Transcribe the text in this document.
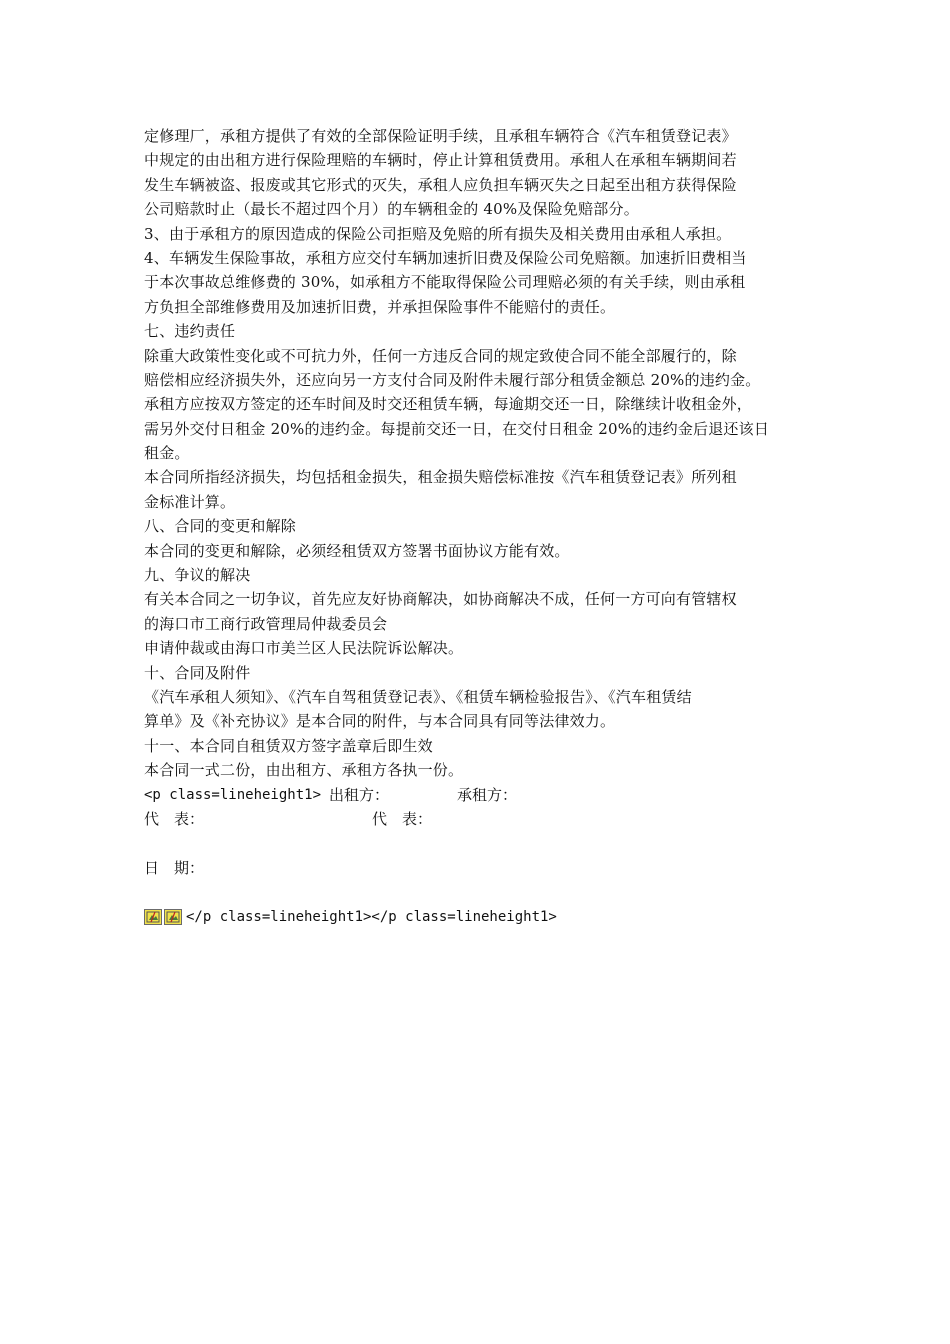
定修理厂，承租方提供了有效的全部保险证明手续，且承租车辆符合《汽车租赁登记表》
中规定的由出租方进行保险理赔的车辆时，停止计算租赁费用。承租人在承租车辆期间若
发生车辆被盗、报废或其它形式的灭失，承租人应负担车辆灭失之日起至出租方获得保险
公司赔款时止（最长不超过四个月）的车辆租金的 40%及保险免赔部分。
3、由于承租方的原因造成的保险公司拒赔及免赔的所有损失及相关费用由承租人承担。
4、车辆发生保险事故，承租方应交付车辆加速折旧费及保险公司免赔额。加速折旧费相当
于本次事故总维修费的 30%，如承租方不能取得保险公司理赔必须的有关手续，则由承租
方负担全部维修费用及加速折旧费，并承担保险事件不能赔付的责任。
七、违约责任
除重大政策性变化或不可抗力外，任何一方违反合同的规定致使合同不能全部履行的，除
赔偿相应经济损失外，还应向另一方支付合同及附件未履行部分租赁金额总 20%的违约金。
承租方应按双方签定的还车时间及时交还租赁车辆，每逾期交还一日，除继续计收租金外，
需另外交付日租金 20%的违约金。每提前交还一日，在交付日租金 20%的违约金后退还该日
租金。
本合同所指经济损失，均包括租金损失，租金损失赔偿标准按《汽车租赁登记表》所列租
金标准计算。
八、合同的变更和解除
本合同的变更和解除，必须经租赁双方签署书面协议方能有效。
九、争议的解决
有关本合同之一切争议，首先应友好协商解决，如协商解决不成，任何一方可向有管辖权
的海口市工商行政管理局仲裁委员会
申请仲裁或由海口市美兰区人民法院诉讼解决。
十、合同及附件
《汽车承租人须知》、《汽车自驾租赁登记表》、《租赁车辆检验报告》、《汽车租赁结
算单》及《补充协议》是本合同的附件，与本合同具有同等法律效力。
十一、本合同自租赁双方签字盖章后即生效
本合同一式二份，由出租方、承租方各执一份。
<p class=lineheight1> 出租方：	承租方：
代　表：	代　表：
日　期：
</p class=lineheight1></p class=lineheight1>
